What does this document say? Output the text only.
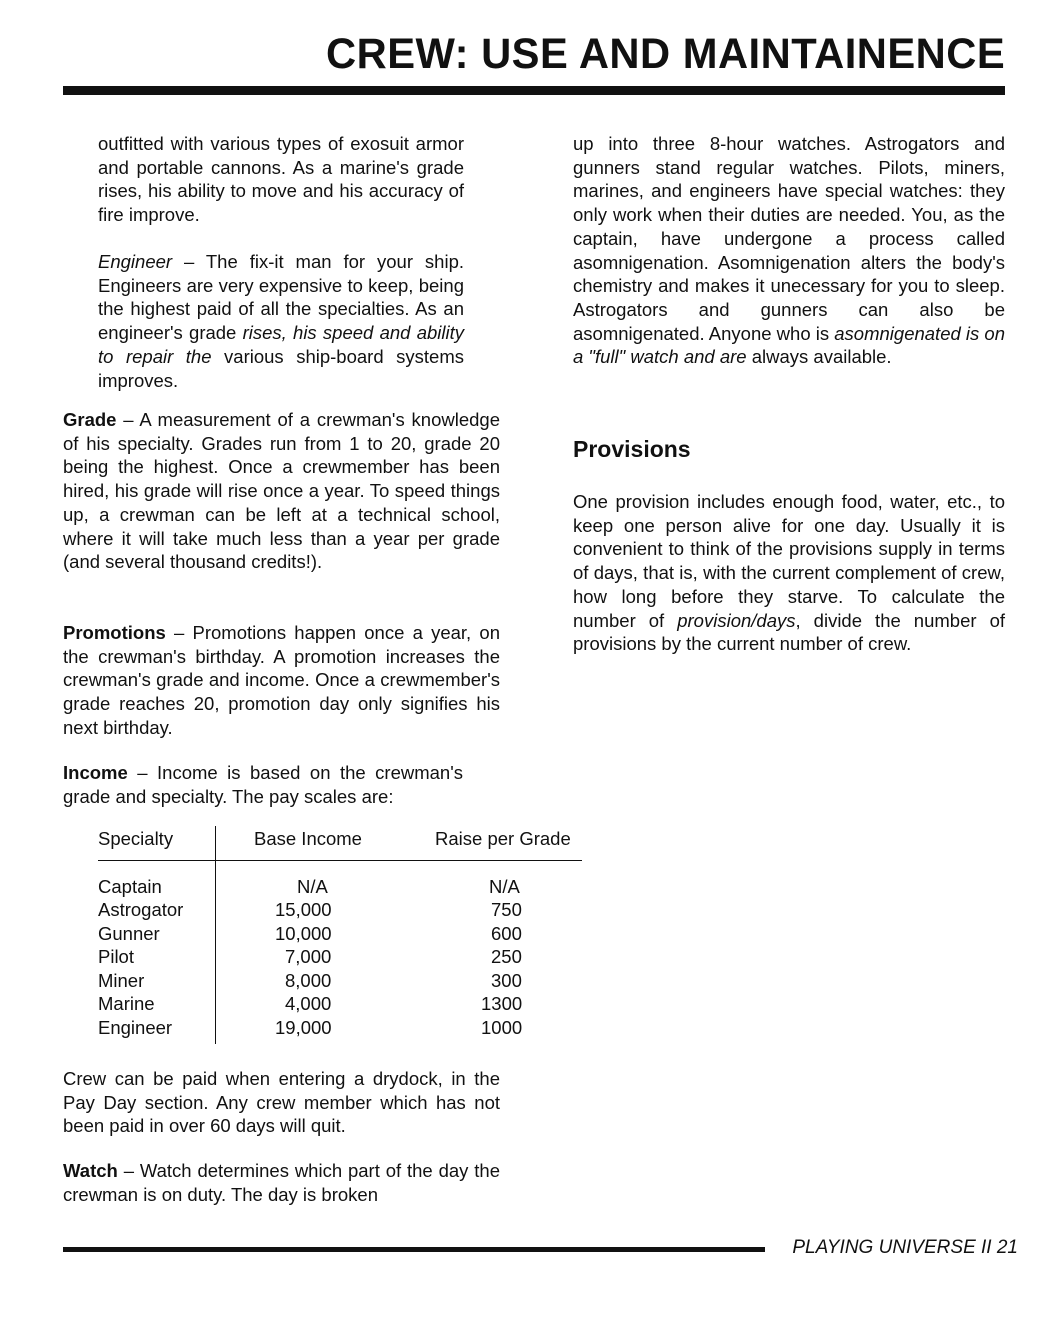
CREW: USE AND MAINTAINENCE

outfitted with various types of exosuit armor and portable cannons. As a marine's grade rises, his ability to move and his accuracy of fire improve.

Engineer – The fix-it man for your ship. Engineers are very expensive to keep, being the highest paid of all the specialties. As an engineer's grade rises, his speed and ability to repair the various ship-board systems improves.

Grade – A measurement of a crewman's knowledge of his specialty. Grades run from 1 to 20, grade 20 being the highest. Once a crewmember has been hired, his grade will rise once a year. To speed things up, a crewman can be left at a technical school, where it will take much less than a year per grade (and several thousand credits!).

Promotions – Promotions happen once a year, on the crewman's birthday. A promotion increases the crewman's grade and income. Once a crewmember's grade reaches 20, promotion day only signifies his next birthday.

Income – Income is based on the crewman's grade and specialty. The pay scales are:

Specialty	Base Income	Raise per Grade
Captain	N/A	N/A
Astrogator	15,000	750
Gunner	10,000	600
Pilot	7,000	250
Miner	8,000	300
Marine	4,000	1300
Engineer	19,000	1000

Crew can be paid when entering a drydock, in the Pay Day section. Any crew member which has not been paid in over 60 days will quit.

Watch – Watch determines which part of the day the crewman is on duty. The day is broken

up into three 8-hour watches. Astrogators and gunners stand regular watches. Pilots, miners, marines, and engineers have special watches: they only work when their duties are needed. You, as the captain, have undergone a process called asomnigenation. Asomnigenation alters the body's chemistry and makes it unecessary for you to sleep. Astrogators and gunners can also be asomnigenated. Anyone who is asomnigenated is on a "full" watch and are always available.

Provisions

One provision includes enough food, water, etc., to keep one person alive for one day. Usually it is convenient to think of the provisions supply in terms of days, that is, with the current complement of crew, how long before they starve. To calculate the number of provision/days, divide the number of provisions by the current number of crew.

PLAYING UNIVERSE II 21
